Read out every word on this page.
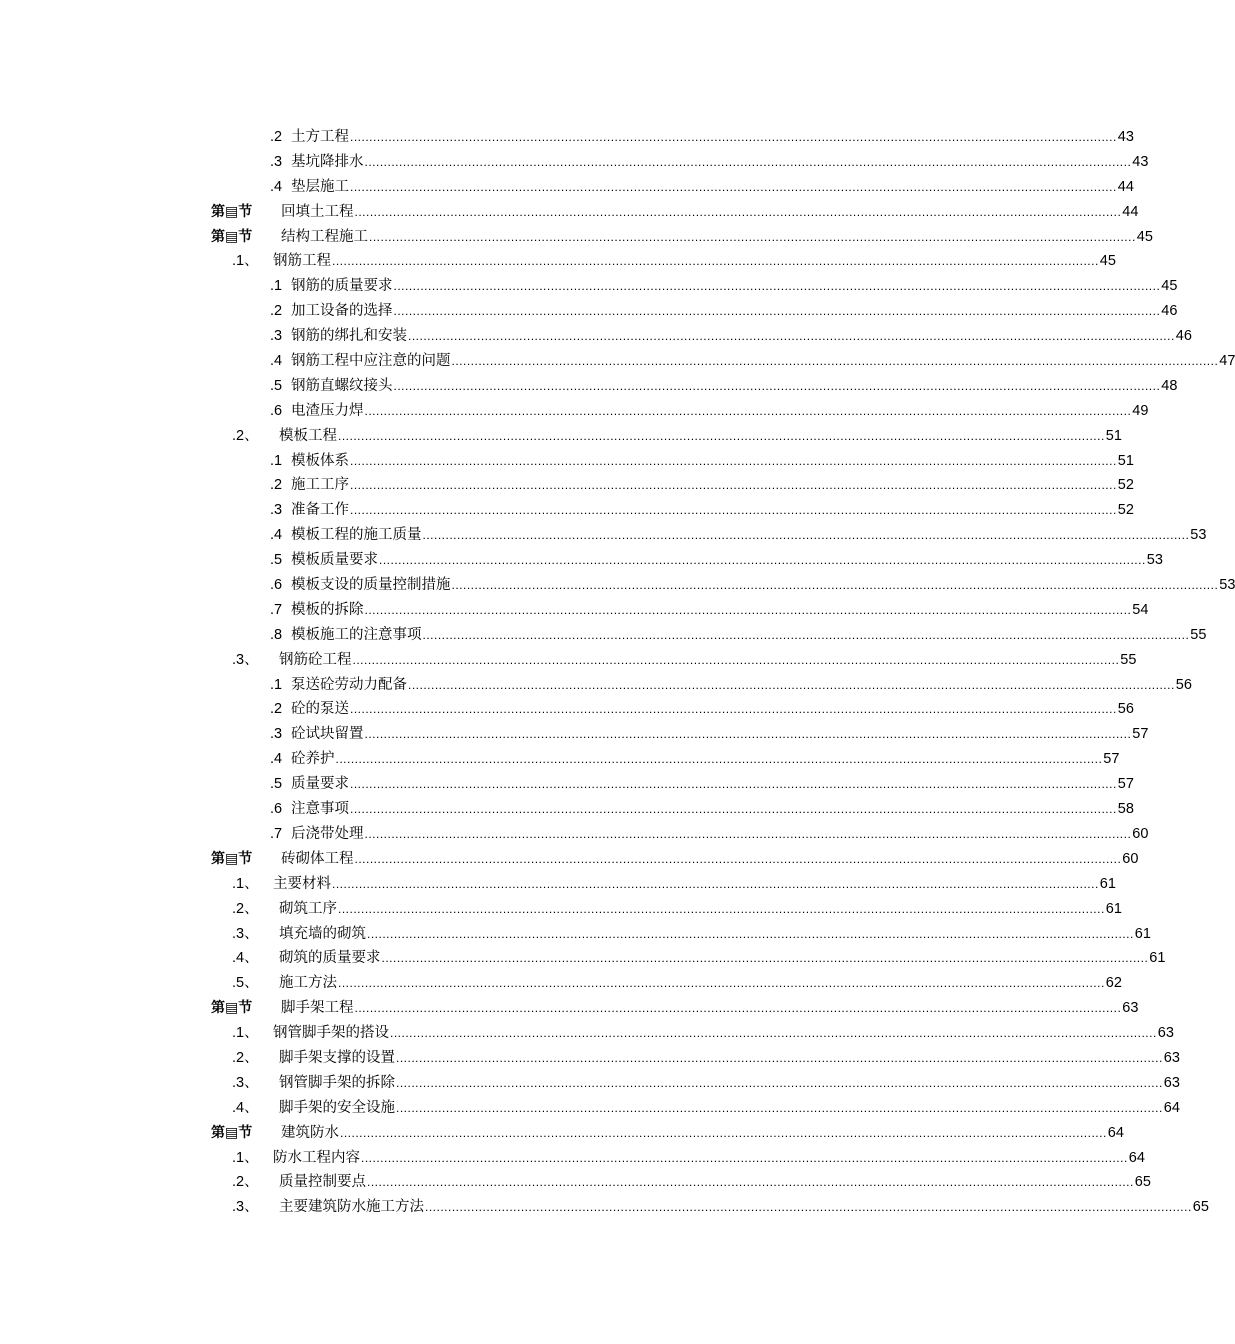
.2 土方工程 ........................................................................................................................................................................................................ 43
.3 基坑降排水 ........................................................................................................................................................................................................ 43
.4 垫层施工 ........................................................................................................................................................................................................ 44
第▤节 回填土工程 ........................................................................................................................................................................................................ 44
第▤节 结构工程施工 ........................................................................................................................................................................................................ 45
.1、 钢筋工程 ........................................................................................................................................................................................................ 45
.1 钢筋的质量要求 ........................................................................................................................................................................................................ 45
.2 加工设备的选择 ........................................................................................................................................................................................................ 46
.3 钢筋的绑扎和安装 ........................................................................................................................................................................................................ 46
.4 钢筋工程中应注意的问题 ........................................................................................................................................................................................................ 47
.5 钢筋直螺纹接头 ........................................................................................................................................................................................................ 48
.6 电渣压力焊 ........................................................................................................................................................................................................ 49
.2、 模板工程 ........................................................................................................................................................................................................ 51
.1 模板体系 ........................................................................................................................................................................................................ 51
.2 施工工序 ........................................................................................................................................................................................................ 52
.3 准备工作 ........................................................................................................................................................................................................ 52
.4 模板工程的施工质量 ........................................................................................................................................................................................................ 53
.5 模板质量要求 ........................................................................................................................................................................................................ 53
.6 模板支设的质量控制措施 ........................................................................................................................................................................................................ 53
.7 模板的拆除 ........................................................................................................................................................................................................ 54
.8 模板施工的注意事项 ........................................................................................................................................................................................................ 55
.3、 钢筋砼工程 ........................................................................................................................................................................................................ 55
.1 泵送砼劳动力配备 ........................................................................................................................................................................................................ 56
.2 砼的泵送 ........................................................................................................................................................................................................ 56
.3 砼试块留置 ........................................................................................................................................................................................................ 57
.4 砼养护 ........................................................................................................................................................................................................ 57
.5 质量要求 ........................................................................................................................................................................................................ 57
.6 注意事项 ........................................................................................................................................................................................................ 58
.7 后浇带处理 ........................................................................................................................................................................................................ 60
第▤节 砖砌体工程 ........................................................................................................................................................................................................ 60
.1、 主要材料 ........................................................................................................................................................................................................ 61
.2、 砌筑工序 ........................................................................................................................................................................................................ 61
.3、 填充墙的砌筑 ........................................................................................................................................................................................................ 61
.4、 砌筑的质量要求 ........................................................................................................................................................................................................ 61
.5、 施工方法 ........................................................................................................................................................................................................ 62
第▤节 脚手架工程 ........................................................................................................................................................................................................ 63
.1、 钢管脚手架的搭设 ........................................................................................................................................................................................................ 63
.2、 脚手架支撑的设置 ........................................................................................................................................................................................................ 63
.3、 钢管脚手架的拆除 ........................................................................................................................................................................................................ 63
.4、 脚手架的安全设施 ........................................................................................................................................................................................................ 64
第▤节 建筑防水 ........................................................................................................................................................................................................ 64
.1、 防水工程内容 ........................................................................................................................................................................................................ 64
.2、 质量控制要点 ........................................................................................................................................................................................................ 65
.3、 主要建筑防水施工方法 ........................................................................................................................................................................................................ 65
